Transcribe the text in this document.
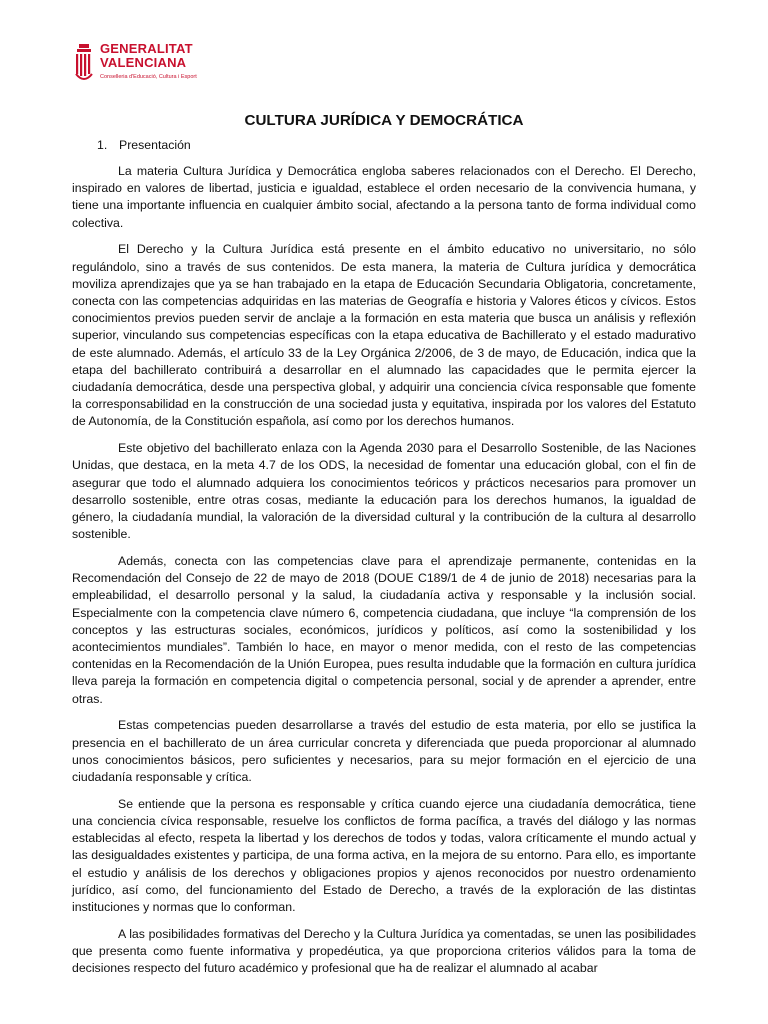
GENERALITAT
VALENCIANA
Conselleria d'Educació, Cultura i Esport
CULTURA JURÍDICA Y DEMOCRÁTICA
1. Presentación

La materia Cultura Jurídica y Democrática engloba saberes relacionados con el Derecho. El Derecho, inspirado en valores de libertad, justicia e igualdad, establece el orden necesario de la convivencia humana, y tiene una importante influencia en cualquier ámbito social, afectando a la persona tanto de forma individual como colectiva.

El Derecho y la Cultura Jurídica está presente en el ámbito educativo no universitario, no sólo regulándolo, sino a través de sus contenidos. De esta manera, la materia de Cultura jurídica y democrática moviliza aprendizajes que ya se han trabajado en la etapa de Educación Secundaria Obligatoria, concretamente, conecta con las competencias adquiridas en las materias de Geografía e historia y Valores éticos y cívicos. Estos conocimientos previos pueden servir de anclaje a la formación en esta materia que busca un análisis y reflexión superior, vinculando sus competencias específicas con la etapa educativa de Bachillerato y el estado madurativo de este alumnado. Además, el artículo 33 de la Ley Orgánica 2/2006, de 3 de mayo, de Educación, indica que la etapa del bachillerato contribuirá a desarrollar en el alumnado las capacidades que le permita ejercer la ciudadanía democrática, desde una perspectiva global, y adquirir una conciencia cívica responsable que fomente la corresponsabilidad en la construcción de una sociedad justa y equitativa, inspirada por los valores del Estatuto de Autonomía, de la Constitución española, así como por los derechos humanos.

Este objetivo del bachillerato enlaza con la Agenda 2030 para el Desarrollo Sostenible, de las Naciones Unidas, que destaca, en la meta 4.7 de los ODS, la necesidad de fomentar una educación global, con el fin de asegurar que todo el alumnado adquiera los conocimientos teóricos y prácticos necesarios para promover un desarrollo sostenible, entre otras cosas, mediante la educación para los derechos humanos, la igualdad de género, la ciudadanía mundial, la valoración de la diversidad cultural y la contribución de la cultura al desarrollo sostenible.

Además, conecta con las competencias clave para el aprendizaje permanente, contenidas en la Recomendación del Consejo de 22 de mayo de 2018 (DOUE C189/1 de 4 de junio de 2018) necesarias para la empleabilidad, el desarrollo personal y la salud, la ciudadanía activa y responsable y la inclusión social. Especialmente con la competencia clave número 6, competencia ciudadana, que incluye “la comprensión de los conceptos y las estructuras sociales, económicos, jurídicos y políticos, así como la sostenibilidad y los acontecimientos mundiales”. También lo hace, en mayor o menor medida, con el resto de las competencias contenidas en la Recomendación de la Unión Europea, pues resulta indudable que la formación en cultura jurídica lleva pareja la formación en competencia digital o competencia personal, social y de aprender a aprender, entre otras.

Estas competencias pueden desarrollarse a través del estudio de esta materia, por ello se justifica la presencia en el bachillerato de un área curricular concreta y diferenciada que pueda proporcionar al alumnado unos conocimientos básicos, pero suficientes y necesarios, para su mejor formación en el ejercicio de una ciudadanía responsable y crítica.

Se entiende que la persona es responsable y crítica cuando ejerce una ciudadanía democrática, tiene una conciencia cívica responsable, resuelve los conflictos de forma pacífica, a través del diálogo y las normas establecidas al efecto, respeta la libertad y los derechos de todos y todas, valora críticamente el mundo actual y las desigualdades existentes y participa, de una forma activa, en la mejora de su entorno. Para ello, es importante el estudio y análisis de los derechos y obligaciones propios y ajenos reconocidos por nuestro ordenamiento jurídico, así como, del funcionamiento del Estado de Derecho, a través de la exploración de las distintas instituciones y normas que lo conforman.

A las posibilidades formativas del Derecho y la Cultura Jurídica ya comentadas, se unen las posibilidades que presenta como fuente informativa y propedéutica, ya que proporciona criterios válidos para la toma de decisiones respecto del futuro académico y profesional que ha de realizar el alumnado al acabar
